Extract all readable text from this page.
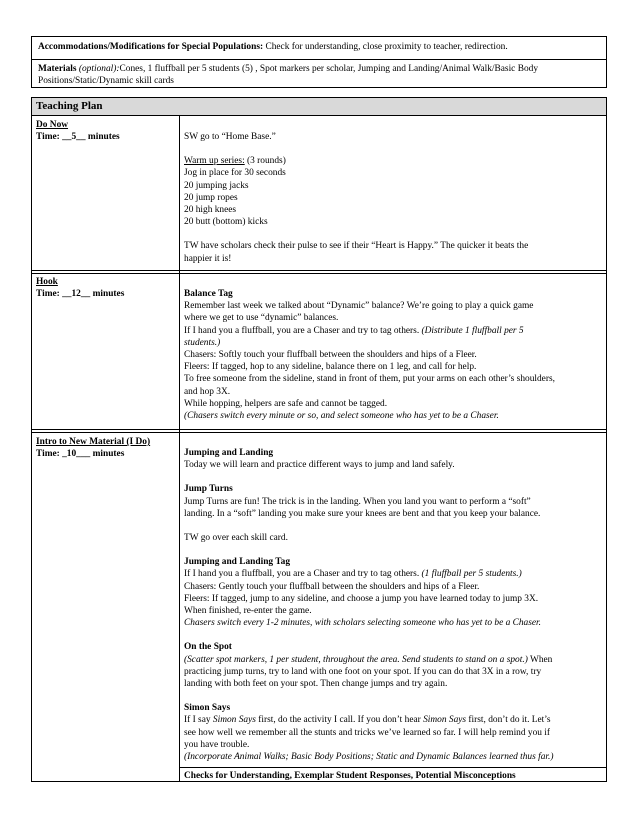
Accommodations/Modifications for Special Populations: Check for understanding, close proximity to teacher, redirection.

Materials (optional):Cones, 1 fluffball per 5 students (5) , Spot markers per scholar, Jumping and Landing/Animal Walk/Basic Body

Positions/Static/Dynamic skill cards

Teaching Plan

Do Now

Time: __5__ minutes	SW go to “Home Base.”

Warm up series: (3 rounds)

Jog in place for 30 seconds

20 jumping jacks

20 jump ropes

20 high knees

20 butt (bottom) kicks

TW have scholars check their pulse to see if their “Heart is Happy.” The quicker it beats the

happier it is!

Hook

Time: __12__ minutes	Balance Tag

Remember last week we talked about “Dynamic” balance? We’re going to play a quick game

where we get to use “dynamic” balances.

If I hand you a fluffball, you are a Chaser and try to tag others. (Distribute 1 fluffball per 5

students.)

Chasers: Softly touch your fluffball between the shoulders and hips of a Fleer.

Fleers: If tagged, hop to any sideline, balance there on 1 leg, and call for help.

To free someone from the sideline, stand in front of them, put your arms on each other’s shoulders,

and hop 3X.

While hopping, helpers are safe and cannot be tagged.

(Chasers switch every minute or so, and select someone who has yet to be a Chaser.

Intro to New Material (I Do)

Time: _10___ minutes	Jumping and Landing

Today we will learn and practice different ways to jump and land safely.

Jump Turns

Jump Turns are fun! The trick is in the landing. When you land you want to perform a “soft”

landing. In a “soft” landing you make sure your knees are bent and that you keep your balance.

TW go over each skill card.

Jumping and Landing Tag

If I hand you a fluffball, you are a Chaser and try to tag others. (1 fluffball per 5 students.)

Chasers: Gently touch your fluffball between the shoulders and hips of a Fleer.

Fleers: If tagged, jump to any sideline, and choose a jump you have learned today to jump 3X.

When finished, re-enter the game.

Chasers switch every 1-2 minutes, with scholars selecting someone who has yet to be a Chaser.

On the Spot

(Scatter spot markers, 1 per student, throughout the area. Send students to stand on a spot.) When

practicing jump turns, try to land with one foot on your spot. If you can do that 3X in a row, try

landing with both feet on your spot. Then change jumps and try again.

Simon Says

If I say Simon Says first, do the activity I call. If you don’t hear Simon Says first, don’t do it. Let’s

see how well we remember all the stunts and tricks we’ve learned so far. I will help remind you if

you have trouble.

(Incorporate Animal Walks; Basic Body Positions; Static and Dynamic Balances learned thus far.)

Checks for Understanding, Exemplar Student Responses, Potential Misconceptions
